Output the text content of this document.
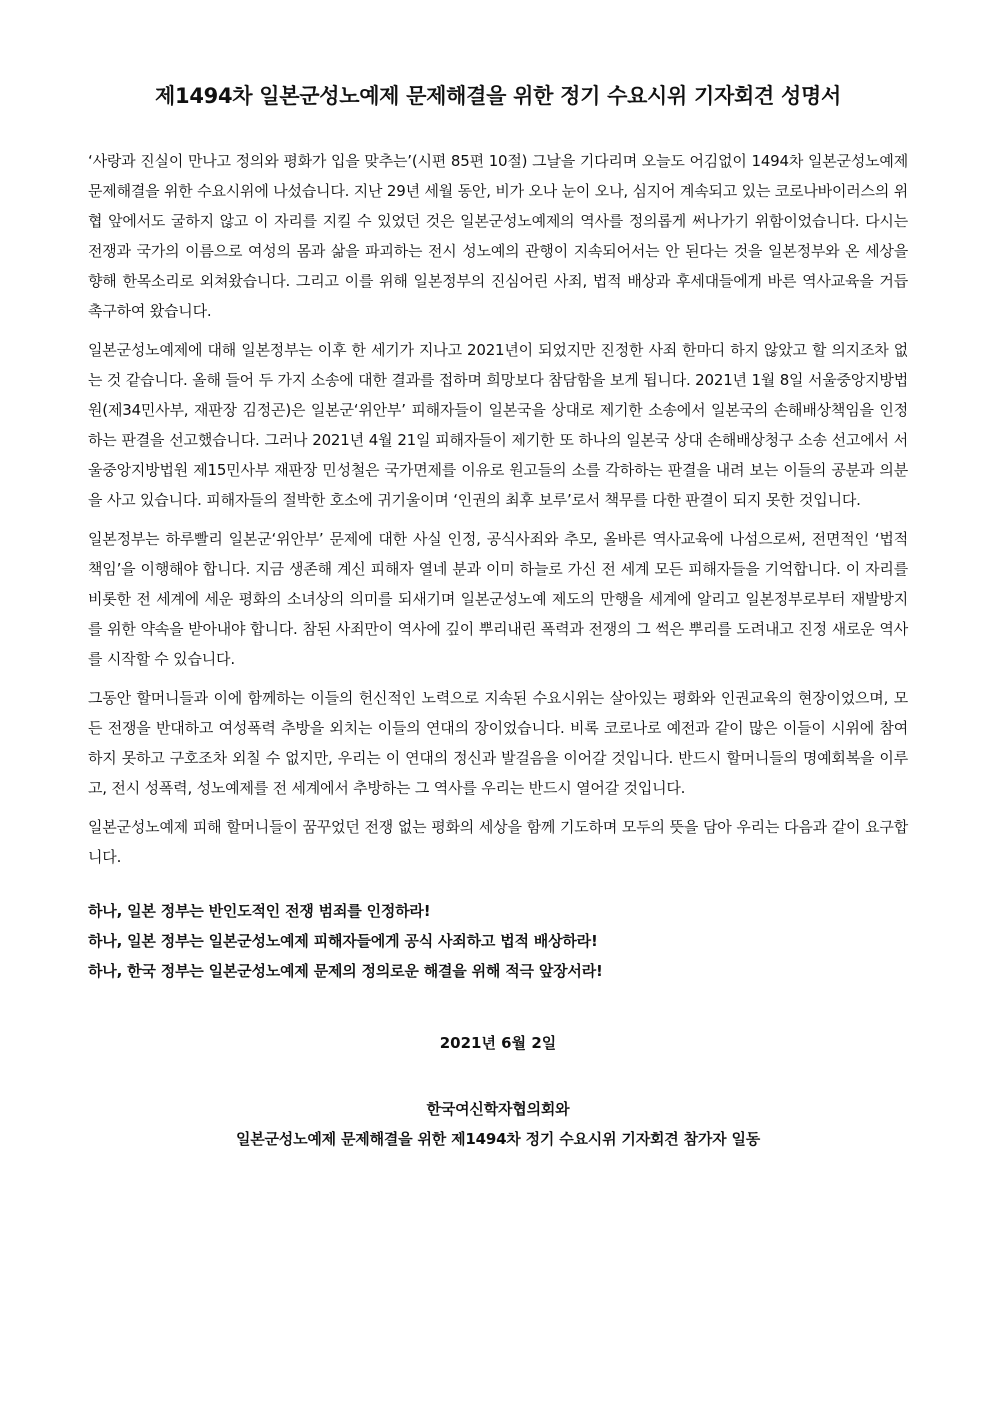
제1494차 일본군성노예제 문제해결을 위한 정기 수요시위 기자회견 성명서

‘사랑과 진실이 만나고 정의와 평화가 입을 맞추는’(시편 85편 10절) 그날을 기다리며 오늘도 어김없이 1494차 일본군성노예제 문제해결을 위한 수요시위에 나섰습니다. 지난 29년 세월 동안, 비가 오나 눈이 오나, 심지어 계속되고 있는 코로나바이러스의 위협 앞에서도 굴하지 않고 이 자리를 지킬 수 있었던 것은 일본군성노예제의 역사를 정의롭게 써나가기 위함이었습니다. 다시는 전쟁과 국가의 이름으로 여성의 몸과 삶을 파괴하는 전시 성노예의 관행이 지속되어서는 안 된다는 것을 일본정부와 온 세상을 향해 한목소리로 외쳐왔습니다. 그리고 이를 위해 일본정부의 진심어린 사죄, 법적 배상과 후세대들에게 바른 역사교육을 거듭 촉구하여 왔습니다.

일본군성노예제에 대해 일본정부는 이후 한 세기가 지나고 2021년이 되었지만 진정한 사죄 한마디 하지 않았고 할 의지조차 없는 것 같습니다. 올해 들어 두 가지 소송에 대한 결과를 접하며 희망보다 참담함을 보게 됩니다. 2021년 1월 8일 서울중앙지방법원(제34민사부, 재판장 김정곤)은 일본군‘위안부’ 피해자들이 일본국을 상대로 제기한 소송에서 일본국의 손해배상책임을 인정하는 판결을 선고했습니다. 그러나 2021년 4월 21일 피해자들이 제기한 또 하나의 일본국 상대 손해배상청구 소송 선고에서 서울중앙지방법원 제15민사부 재판장 민성철은 국가면제를 이유로 원고들의 소를 각하하는 판결을 내려 보는 이들의 공분과 의분을 사고 있습니다. 피해자들의 절박한 호소에 귀기울이며 ‘인권의 최후 보루’로서 책무를 다한 판결이 되지 못한 것입니다.

일본정부는 하루빨리 일본군‘위안부’ 문제에 대한 사실 인정, 공식사죄와 추모, 올바른 역사교육에 나섬으로써, 전면적인 ‘법적 책임’을 이행해야 합니다. 지금 생존해 계신 피해자 열네 분과 이미 하늘로 가신 전 세계 모든 피해자들을 기억합니다. 이 자리를 비롯한 전 세계에 세운 평화의 소녀상의 의미를 되새기며 일본군성노예 제도의 만행을 세계에 알리고 일본정부로부터 재발방지를 위한 약속을 받아내야 합니다. 참된 사죄만이 역사에 깊이 뿌리내린 폭력과 전쟁의 그 썩은 뿌리를 도려내고 진정 새로운 역사를 시작할 수 있습니다.

그동안 할머니들과 이에 함께하는 이들의 헌신적인 노력으로 지속된 수요시위는 살아있는 평화와 인권교육의 현장이었으며, 모든 전쟁을 반대하고 여성폭력 추방을 외치는 이들의 연대의 장이었습니다. 비록 코로나로 예전과 같이 많은 이들이 시위에 참여하지 못하고 구호조차 외칠 수 없지만, 우리는 이 연대의 정신과 발걸음을 이어갈 것입니다. 반드시 할머니들의 명예회복을 이루고, 전시 성폭력, 성노예제를 전 세계에서 추방하는 그 역사를 우리는 반드시 열어갈 것입니다.

일본군성노예제 피해 할머니들이 꿈꾸었던 전쟁 없는 평화의 세상을 함께 기도하며 모두의 뜻을 담아 우리는 다음과 같이 요구합니다.

하나, 일본 정부는 반인도적인 전쟁 범죄를 인정하라!

하나, 일본 정부는 일본군성노예제 피해자들에게 공식 사죄하고 법적 배상하라!

하나, 한국 정부는 일본군성노예제 문제의 정의로운 해결을 위해 적극 앞장서라!

2021년 6월 2일

한국여신학자협의회와

일본군성노예제 문제해결을 위한 제1494차 정기 수요시위 기자회견 참가자 일동
